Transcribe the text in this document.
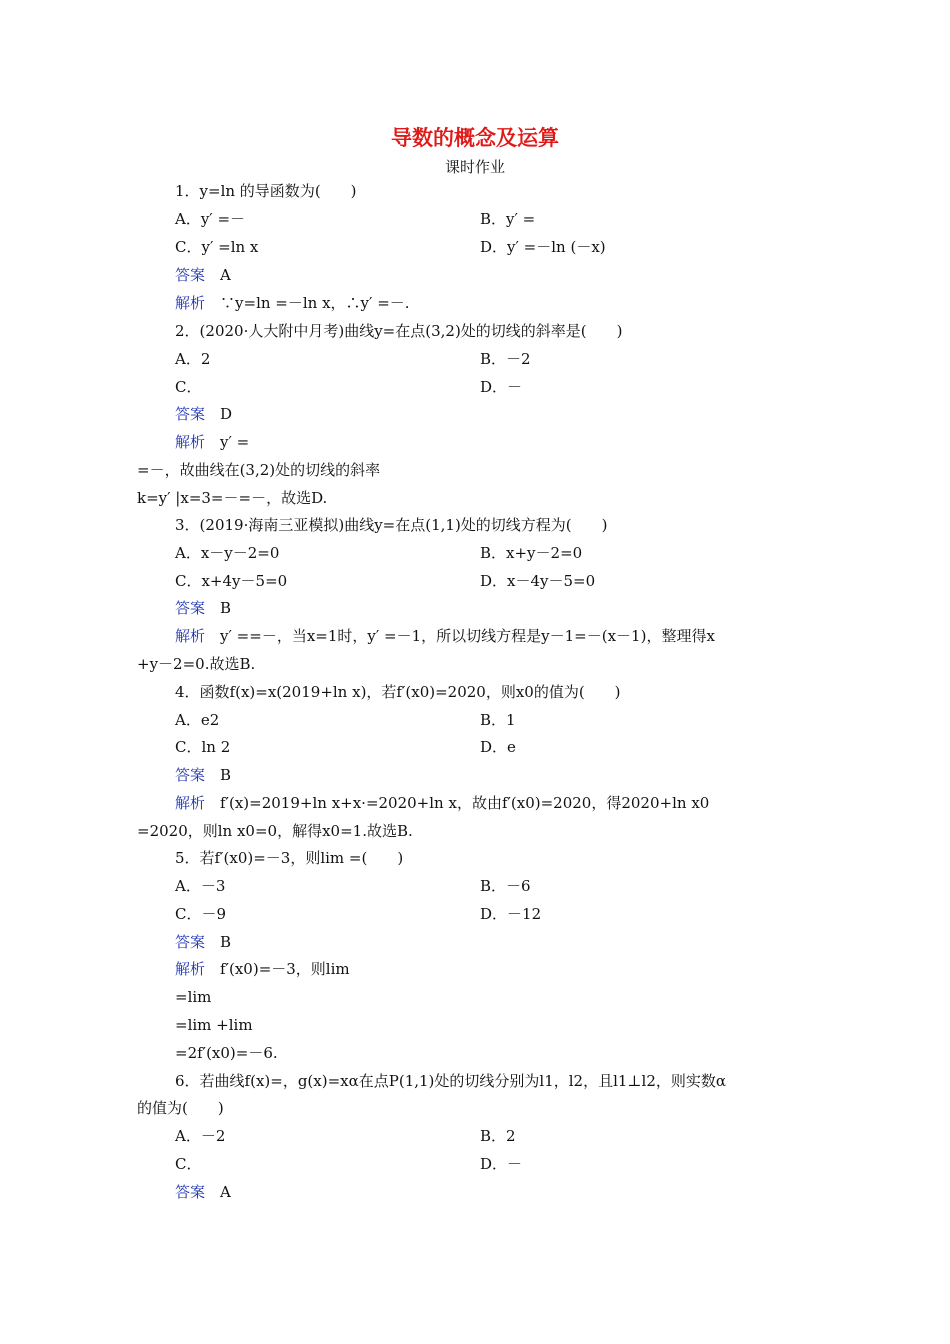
导数的概念及运算
课时作业
1．y=ln 的导函数为(　　)
A．y′ =－	B．y′ =
C．y′ =ln x	D．y′ =－ln (－x)
答案　 A
解析　 ∵y=ln =－ln x，∴y′ =－.
2．(2020·人大附中月考)曲线y=在点(3,2)处的切线的斜率是(　　)
A．2	B．－2
C．	D．－
答案　 D
解析　 y′ =
=－，故曲线在(3,2)处的切线的斜率
k=y′ |x=3=－=－，故选D.
3．(2019·海南三亚模拟)曲线y=在点(1,1)处的切线方程为(　　)
A．x－y－2=0	B．x+y－2=0
C．x+4y－5=0	D．x－4y－5=0
答案　 B
解析　 y′ ==－，当x=1时，y′ =－1，所以切线方程是y－1=－(x－1)，整理得x
+y－2=0.故选B.
4．函数f(x)=x(2019+ln x)，若f′(x0)=2020，则x0的值为(　　)
A．e2	B．1
C．ln 2	D．e
答案　 B
解析　 f′(x)=2019+ln x+x·=2020+ln x，故由f′(x0)=2020，得2020+ln x0
=2020，则ln x0=0，解得x0=1.故选B.
5．若f′(x0)=－3，则lim =(　　)
A．－3	B．－6
C．－9	D．－12
答案　 B
解析　 f′(x0)=－3，则lim
=lim
=lim +lim
=2f′(x0)=－6.
6．若曲线f(x)=，g(x)=xα在点P(1,1)处的切线分别为l1，l2，且l1⊥l2，则实数α
的值为(　　)
A．－2	B．2
C．	D．－
答案　 A
